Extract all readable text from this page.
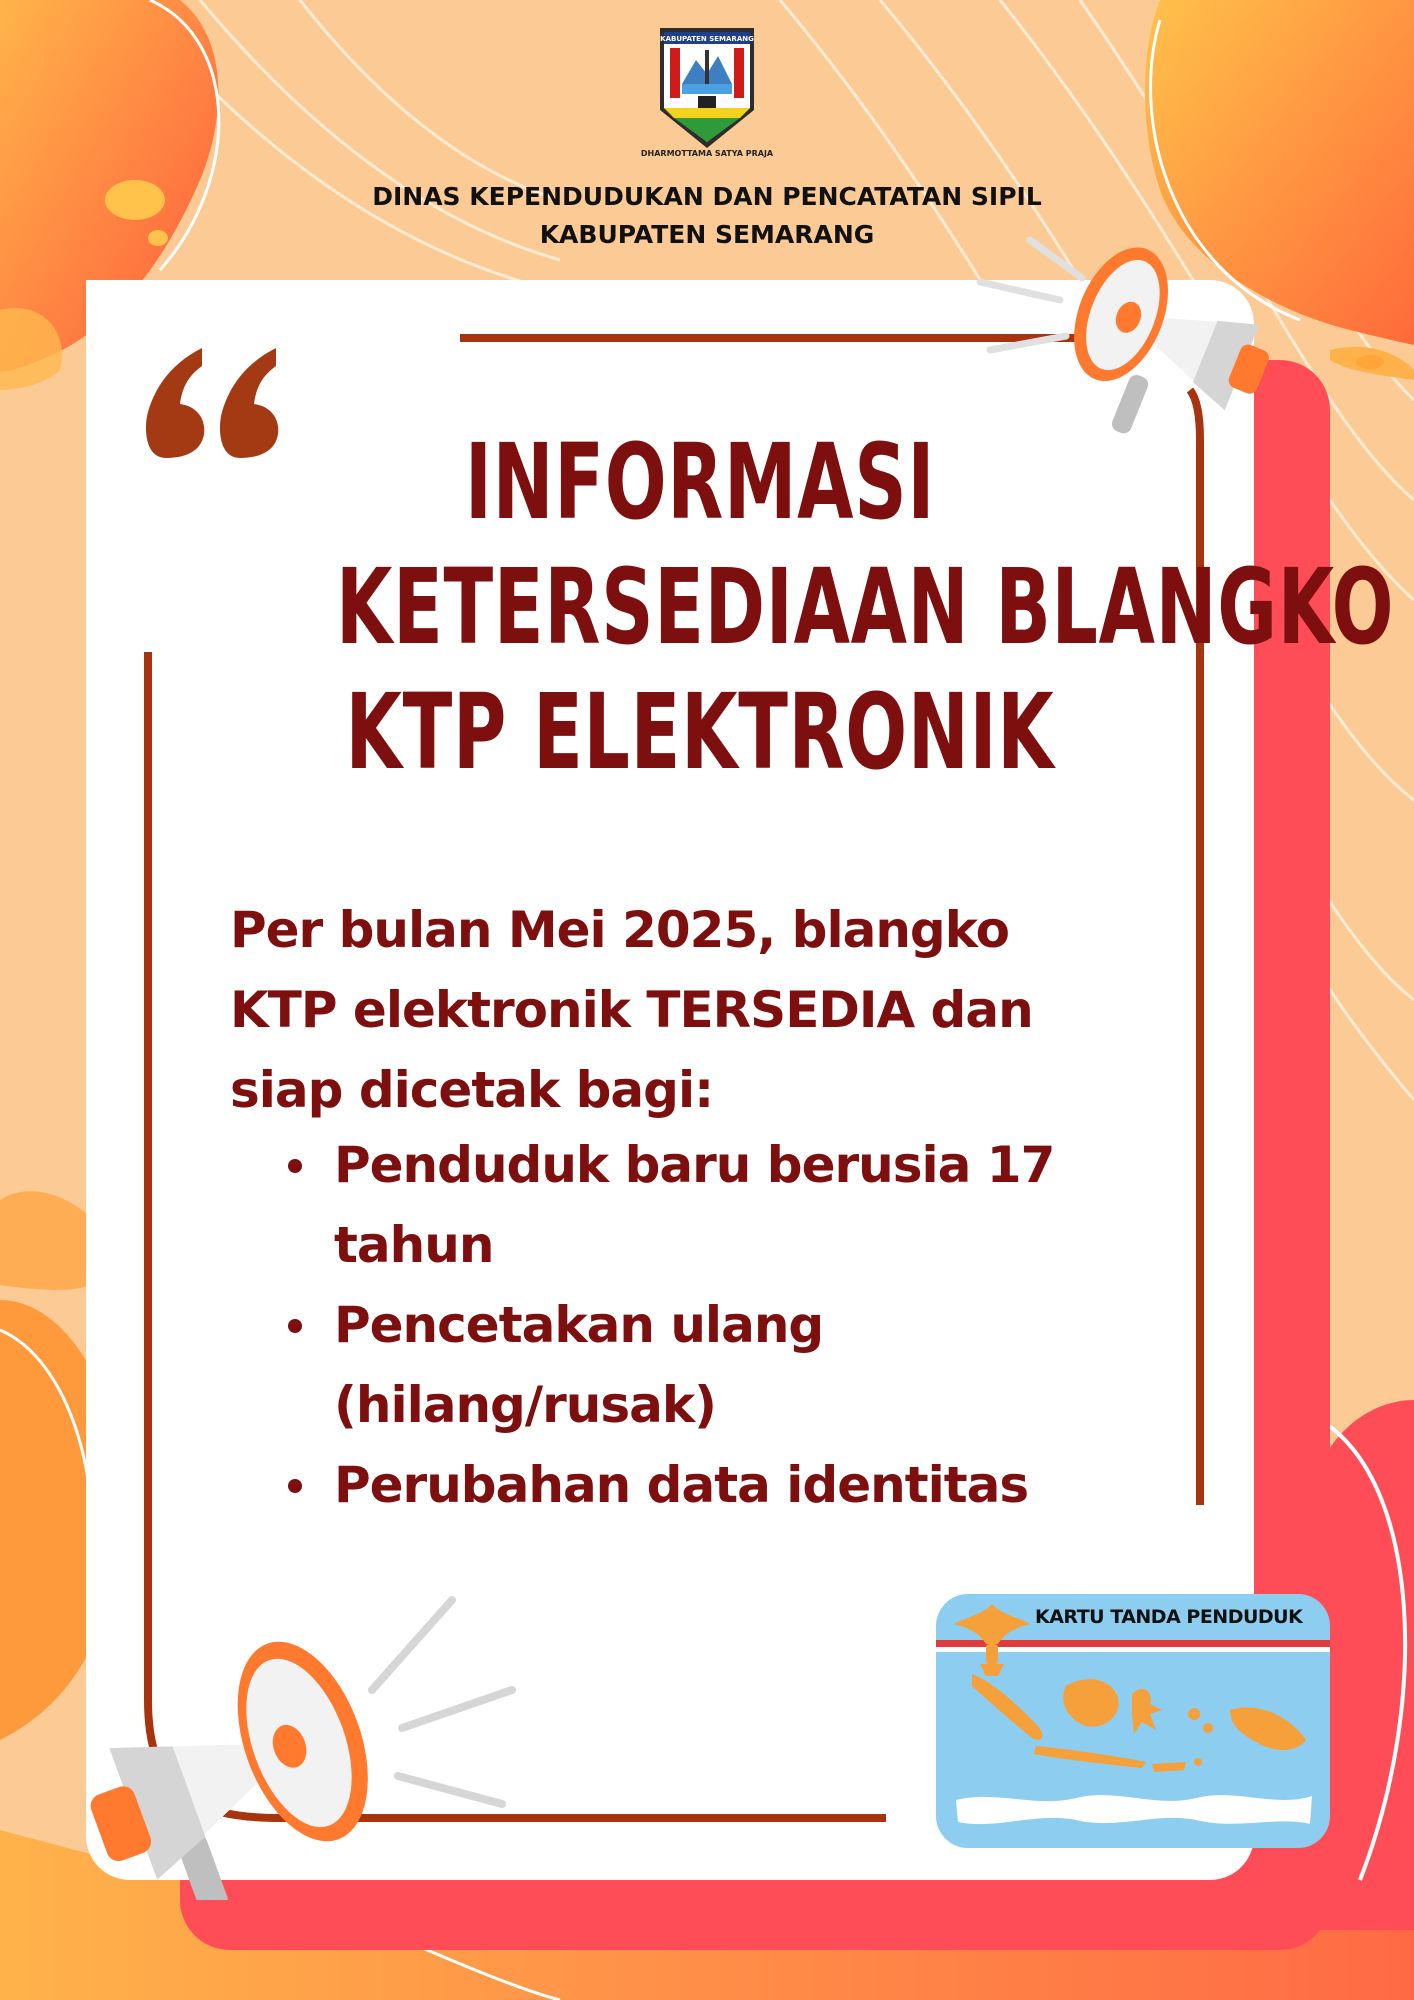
KABUPATEN SEMARANG
DHARMOTTAMA SATYA PRAJA
DINAS KEPENDUDUKAN DAN PENCATATAN SIPIL
KABUPATEN SEMARANG
INFORMASI
KETERSEDIAAN BLANGKO
KTP ELEKTRONIK
Per bulan Mei 2025, blangko
KTP elektronik TERSEDIA dan
siap dicetak bagi:
Penduduk baru berusia 17
tahun
Pencetakan ulang
(hilang/rusak)
Perubahan data identitas
KARTU TANDA PENDUDUK
